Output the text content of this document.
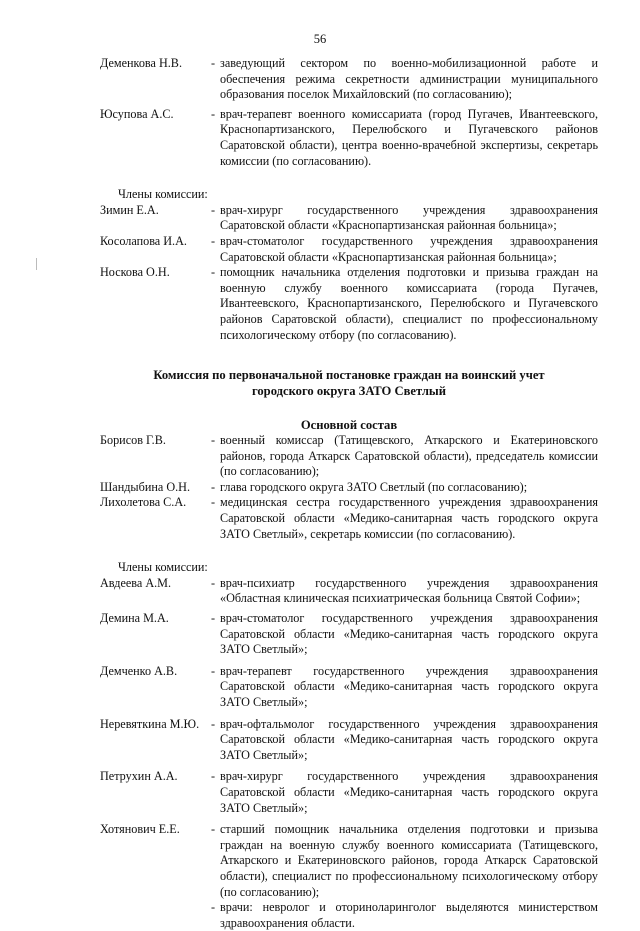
56
Деменкова Н.В.	- заведующий сектором по военно-мобилизационной работе и обеспечения режима секретности администрации муниципального образования поселок Михайловский (по согласованию);
Юсупова А.С.	- врач-терапевт военного комиссариата (город Пугачев, Ивантеевского, Краснопартизанского, Перелюбского и Пугачевского районов Саратовской области), центра военно-врачебной экспертизы, секретарь комиссии (по согласованию).
Члены комиссии:
Зимин Е.А.	- врач-хирург государственного учреждения здравоохранения Саратовской области «Краснопартизанская районная больница»;
Косолапова И.А.	- врач-стоматолог государственного учреждения здравоохранения Саратовской области «Краснопартизанская районная больница»;
Носкова О.Н.	- помощник начальника отделения подготовки и призыва граждан на военную службу военного комиссариата (города Пугачев, Ивантеевского, Краснопартизанского, Перелюбского и Пугачевского районов Саратовской области), специалист по профессиональному психологическому отбору (по согласованию).
Комиссия по первоначальной постановке граждан на воинский учет
городского округа ЗАТО Светлый
Основной состав
Борисов Г.В.	- военный комиссар (Татищевского, Аткарского и Екатериновского районов, города Аткарск Саратовской области), председатель комиссии (по согласованию);
Шандыбина О.Н.	- глава городского округа ЗАТО Светлый (по согласованию);
Лихолетова С.А.	- медицинская сестра государственного учреждения здравоохранения Саратовской области «Медико-санитарная часть городского округа ЗАТО Светлый», секретарь комиссии (по согласованию).
Члены комиссии:
Авдеева А.М.	- врач-психиатр государственного учреждения здравоохранения «Областная клиническая психиатрическая больница Святой Софии»;
Демина М.А.	- врач-стоматолог государственного учреждения здравоохранения Саратовской области «Медико-санитарная часть городского округа ЗАТО Светлый»;
Демченко А.В.	- врач-терапевт государственного учреждения здравоохранения Саратовской области «Медико-санитарная часть городского округа ЗАТО Светлый»;
Неревяткина М.Ю. - врач-офтальмолог государственного учреждения здравоохранения Саратовской области «Медико-санитарная часть городского округа ЗАТО Светлый»;
Петрухин А.А.	- врач-хирург государственного учреждения здравоохранения Саратовской области «Медико-санитарная часть городского округа ЗАТО Светлый»;
Хотянович Е.Е.	- старший помощник начальника отделения подготовки и призыва граждан на военную службу военного комиссариата (Татищевского, Аткарского и Екатериновского районов, города Аткарск Саратовской области), специалист по профессиональному психологическому отбору (по согласованию);
- врачи: невролог и оториноларинголог выделяются министерством здравоохранения области.
